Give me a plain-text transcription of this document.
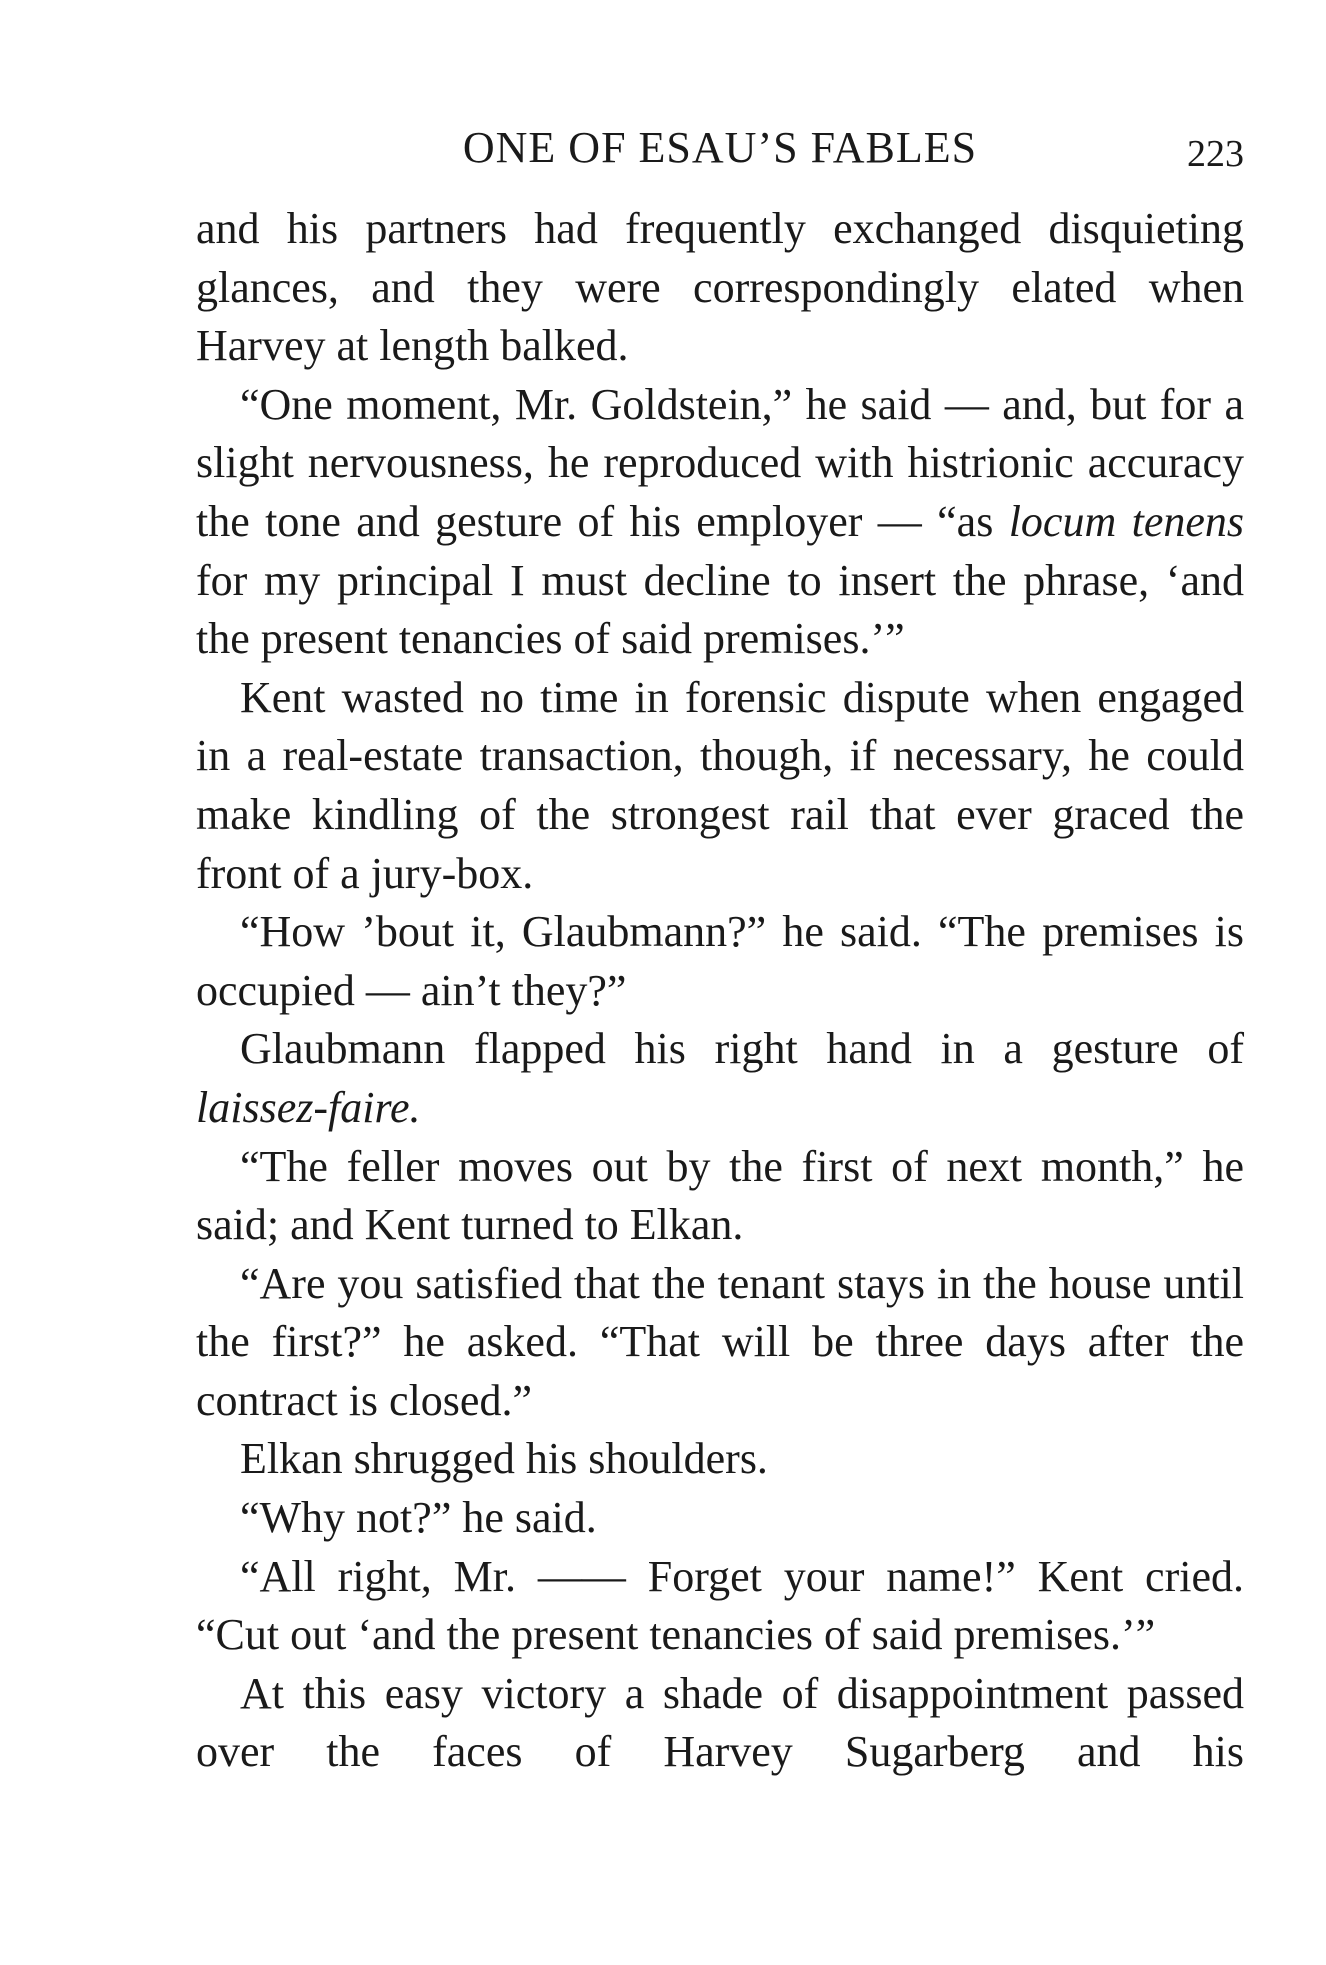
ONE OF ESAU’S FABLES	223

and his partners had frequently exchanged disquieting glances, and they were correspondingly elated when Harvey at length balked.

“One moment, Mr. Goldstein,” he said — and, but for a slight nervousness, he reproduced with histrionic accuracy the tone and gesture of his employer — “as locum tenens for my principal I must decline to insert the phrase, ‘and the present tenancies of said premises.’”

Kent wasted no time in forensic dispute when engaged in a real-estate transaction, though, if necessary, he could make kindling of the strongest rail that ever graced the front of a jury-box.

“How ’bout it, Glaubmann?” he said. “The premises is occupied — ain’t they?”

Glaubmann flapped his right hand in a gesture of laissez-faire.

“The feller moves out by the first of next month,” he said; and Kent turned to Elkan.

“Are you satisfied that the tenant stays in the house until the first?” he asked. “That will be three days after the contract is closed.”

Elkan shrugged his shoulders.

“Why not?” he said.

“All right, Mr. —— Forget your name!” Kent cried. “Cut out ‘and the present tenancies of said premises.’”

At this easy victory a shade of disappointment passed over the faces of Harvey Sugarberg and his
